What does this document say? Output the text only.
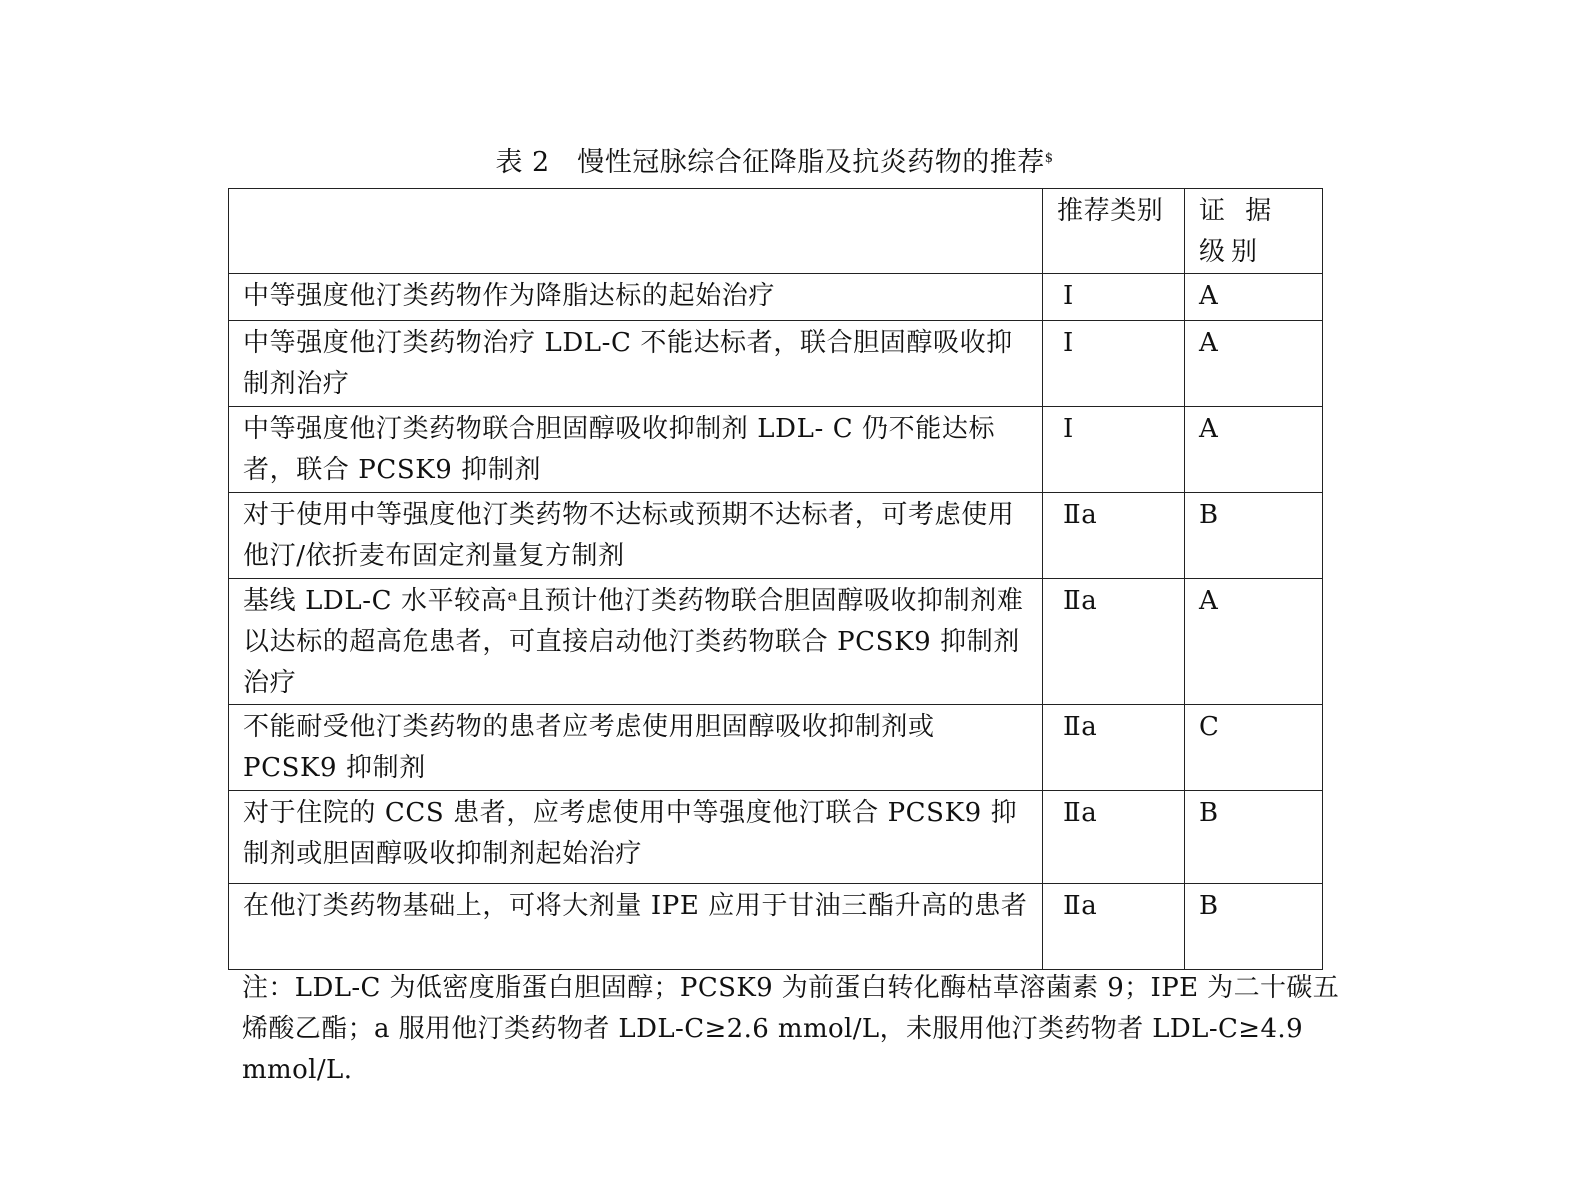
表 2　慢性冠脉综合征降脂及抗炎药物的推荐$
	推荐类别	证 据 级别
中等强度他汀类药物作为降脂达标的起始治疗	Ⅰ	A
中等强度他汀类药物治疗 LDL-C 不能达标者，联合胆固醇吸收抑制剂治疗	Ⅰ	A
中等强度他汀类药物联合胆固醇吸收抑制剂 LDL- C 仍不能达标者，联合 PCSK9 抑制剂	Ⅰ	A
对于使用中等强度他汀类药物不达标或预期不达标者，可考虑使用他汀/依折麦布固定剂量复方制剂	Ⅱa	B
基线 LDL-C 水平较高ᵃ且预计他汀类药物联合胆固醇吸收抑制剂难以达标的超高危患者，可直接启动他汀类药物联合 PCSK9 抑制剂治疗	Ⅱa	A
不能耐受他汀类药物的患者应考虑使用胆固醇吸收抑制剂或 PCSK9 抑制剂	Ⅱa	C
对于住院的 CCS 患者，应考虑使用中等强度他汀联合 PCSK9 抑制剂或胆固醇吸收抑制剂起始治疗	Ⅱa	B
在他汀类药物基础上，可将大剂量 IPE 应用于甘油三酯升高的患者	Ⅱa	B
注：LDL-C 为低密度脂蛋白胆固醇；PCSK9 为前蛋白转化酶枯草溶菌素 9；IPE 为二十碳五烯酸乙酯；a 服用他汀类药物者 LDL-C≥2.6 mmol/L，未服用他汀类药物者 LDL-C≥4.9 mmol/L.
